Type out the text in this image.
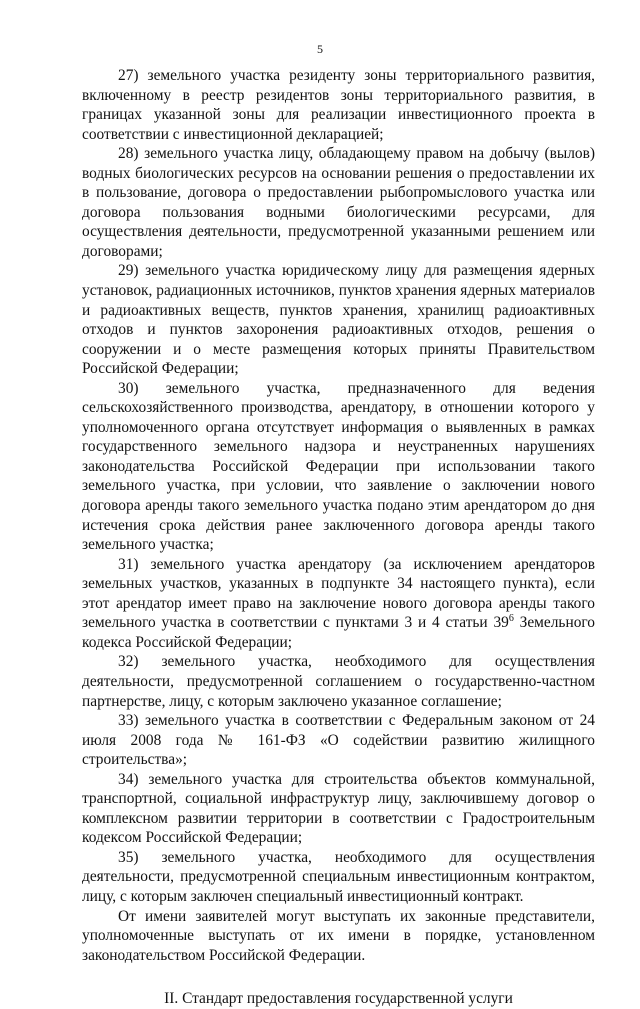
5

27) земельного участка резиденту зоны территориального развития, включенному в реестр резидентов зоны территориального развития, в границах указанной зоны для реализации инвестиционного проекта в соответствии с инвестиционной декларацией;

28) земельного участка лицу, обладающему правом на добычу (вылов) водных биологических ресурсов на основании решения о предоставлении их в пользование, договора о предоставлении рыбопромыслового участка или договора пользования водными биологическими ресурсами, для осуществления деятельности, предусмотренной указанными решением или договорами;

29) земельного участка юридическому лицу для размещения ядерных установок, радиационных источников, пунктов хранения ядерных материалов и радиоактивных веществ, пунктов хранения, хранилищ радиоактивных отходов и пунктов захоронения радиоактивных отходов, решения о сооружении и о месте размещения которых приняты Правительством Российской Федерации;

30) земельного участка, предназначенного для ведения сельскохозяйственного производства, арендатору, в отношении которого у уполномоченного органа отсутствует информация о выявленных в рамках государственного земельного надзора и неустраненных нарушениях законодательства Российской Федерации при использовании такого земельного участка, при условии, что заявление о заключении нового договора аренды такого земельного участка подано этим арендатором до дня истечения срока действия ранее заключенного договора аренды такого земельного участка;

31) земельного участка арендатору (за исключением арендаторов земельных участков, указанных в подпункте 34 настоящего пункта), если этот арендатор имеет право на заключение нового договора аренды такого земельного участка в соответствии с пунктами 3 и 4 статьи $39^6$ Земельного кодекса Российской Федерации;

32) земельного участка, необходимого для осуществления деятельности, предусмотренной соглашением о государственно-частном партнерстве, лицу, с которым заключено указанное соглашение;

33) земельного участка в соответствии с Федеральным законом от 24 июля 2008 года № 161-ФЗ «О содействии развитию жилищного строительства»;

34) земельного участка для строительства объектов коммунальной, транспортной, социальной инфраструктур лицу, заключившему договор о комплексном развитии территории в соответствии с Градостроительным кодексом Российской Федерации;

35) земельного участка, необходимого для осуществления деятельности, предусмотренной специальным инвестиционным контрактом, лицу, с которым заключен специальный инвестиционный контракт.

От имени заявителей могут выступать их законные представители, уполномоченные выступать от их имени в порядке, установленном законодательством Российской Федерации.

II. Стандарт предоставления государственной услуги
